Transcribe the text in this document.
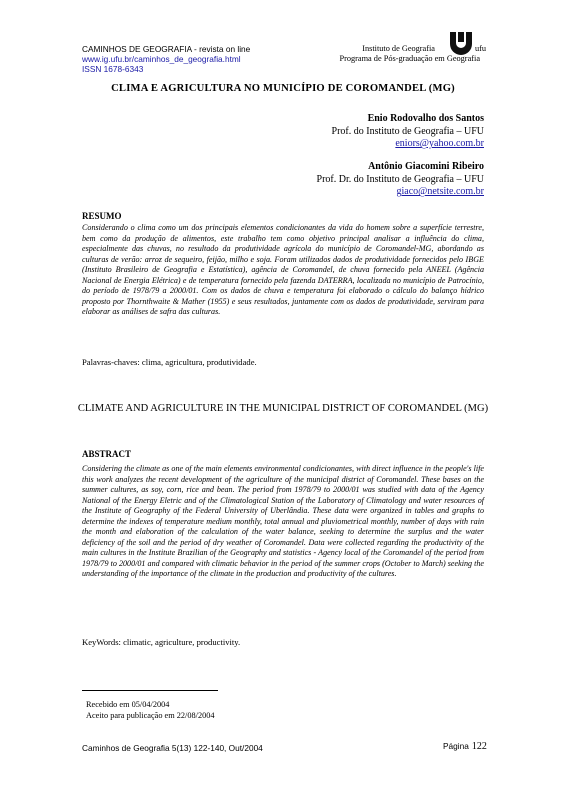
CAMINHOS DE GEOGRAFIA - revista on line
www.ig.ufu.br/caminhos_de_geografia.html
ISSN 1678-6343
ufu
Instituto de Geografia
Programa de Pós-graduação em Geografia
CLIMA E AGRICULTURA NO MUNICÍPIO DE COROMANDEL (MG)
Enio Rodovalho dos Santos
Prof. do Instituto de Geografia – UFU
eniors@yahoo.com.br
Antônio Giacomini Ribeiro
Prof. Dr. do Instituto de Geografia – UFU
giaco@netsite.com.br
RESUMO
Considerando o clima como um dos principais elementos condicionantes da vida do homem sobre a superfície terrestre, bem como da produção de alimentos, este trabalho tem como objetivo principal analisar a influência do clima, especialmente das chuvas, no resultado da produtividade agrícola do município de Coromandel-MG, abordando as culturas de verão: arroz de sequeiro, feijão, milho e soja. Foram utilizados dados de produtividade fornecidos pelo IBGE (Instituto Brasileiro de Geografia e Estatística), agência de Coromandel, de chuva fornecido pela ANEEL (Agência Nacional de Energia Elétrica) e de temperatura fornecido pela fazenda DATERRA, localizada no município de Patrocínio, do período de 1978/79 a 2000/01. Com os dados de chuva e temperatura foi elaborado o cálculo do balanço hídrico proposto por Thornthwaite & Mather (1955) e seus resultados, juntamente com os dados de produtividade, serviram para elaborar as análises de safra das culturas.
Palavras-chaves: clima, agricultura, produtividade.
CLIMATE AND AGRICULTURE IN THE MUNICIPAL DISTRICT OF COROMANDEL (MG)
ABSTRACT
Considering the climate as one of the main elements environmental condicionantes, with direct influence in the people's life this work analyzes the recent development of the agriculture of the municipal district of Coromandel. These bases on the summer cultures, as soy, corn, rice and bean. The period from 1978/79 to 2000/01 was studied with data of the Agency National of the Energy Eletric and of the Climatological Station of the Laboratory of Climatology and water resources of the Institute of Geography of the Federal University of Uberlândia. These data were organized in tables and graphs to determine the indexes of temperature medium monthly, total annual and pluviometrical monthly, number of days with rain the month and elaboration of the calculation of the water balance, seeking to determine the surplus and the water deficiency of the soil and the period of dry weather of Coromandel. Data were collected regarding the productivity of the main cultures in the Institute Brazilian of the Geography and statistics - Agency local of the Coromandel of the period from 1978/79 to 2000/01 and compared with climatic behavior in the period of the summer crops (October to March) seeking the understanding of the importance of the climate in the production and productivity of the cultures.
KeyWords: climatic, agriculture, productivity.
Recebido em 05/04/2004
Aceito para publicação em 22/08/2004
Caminhos de Geografia 5(13) 122-140, Out/2004	Página 122
